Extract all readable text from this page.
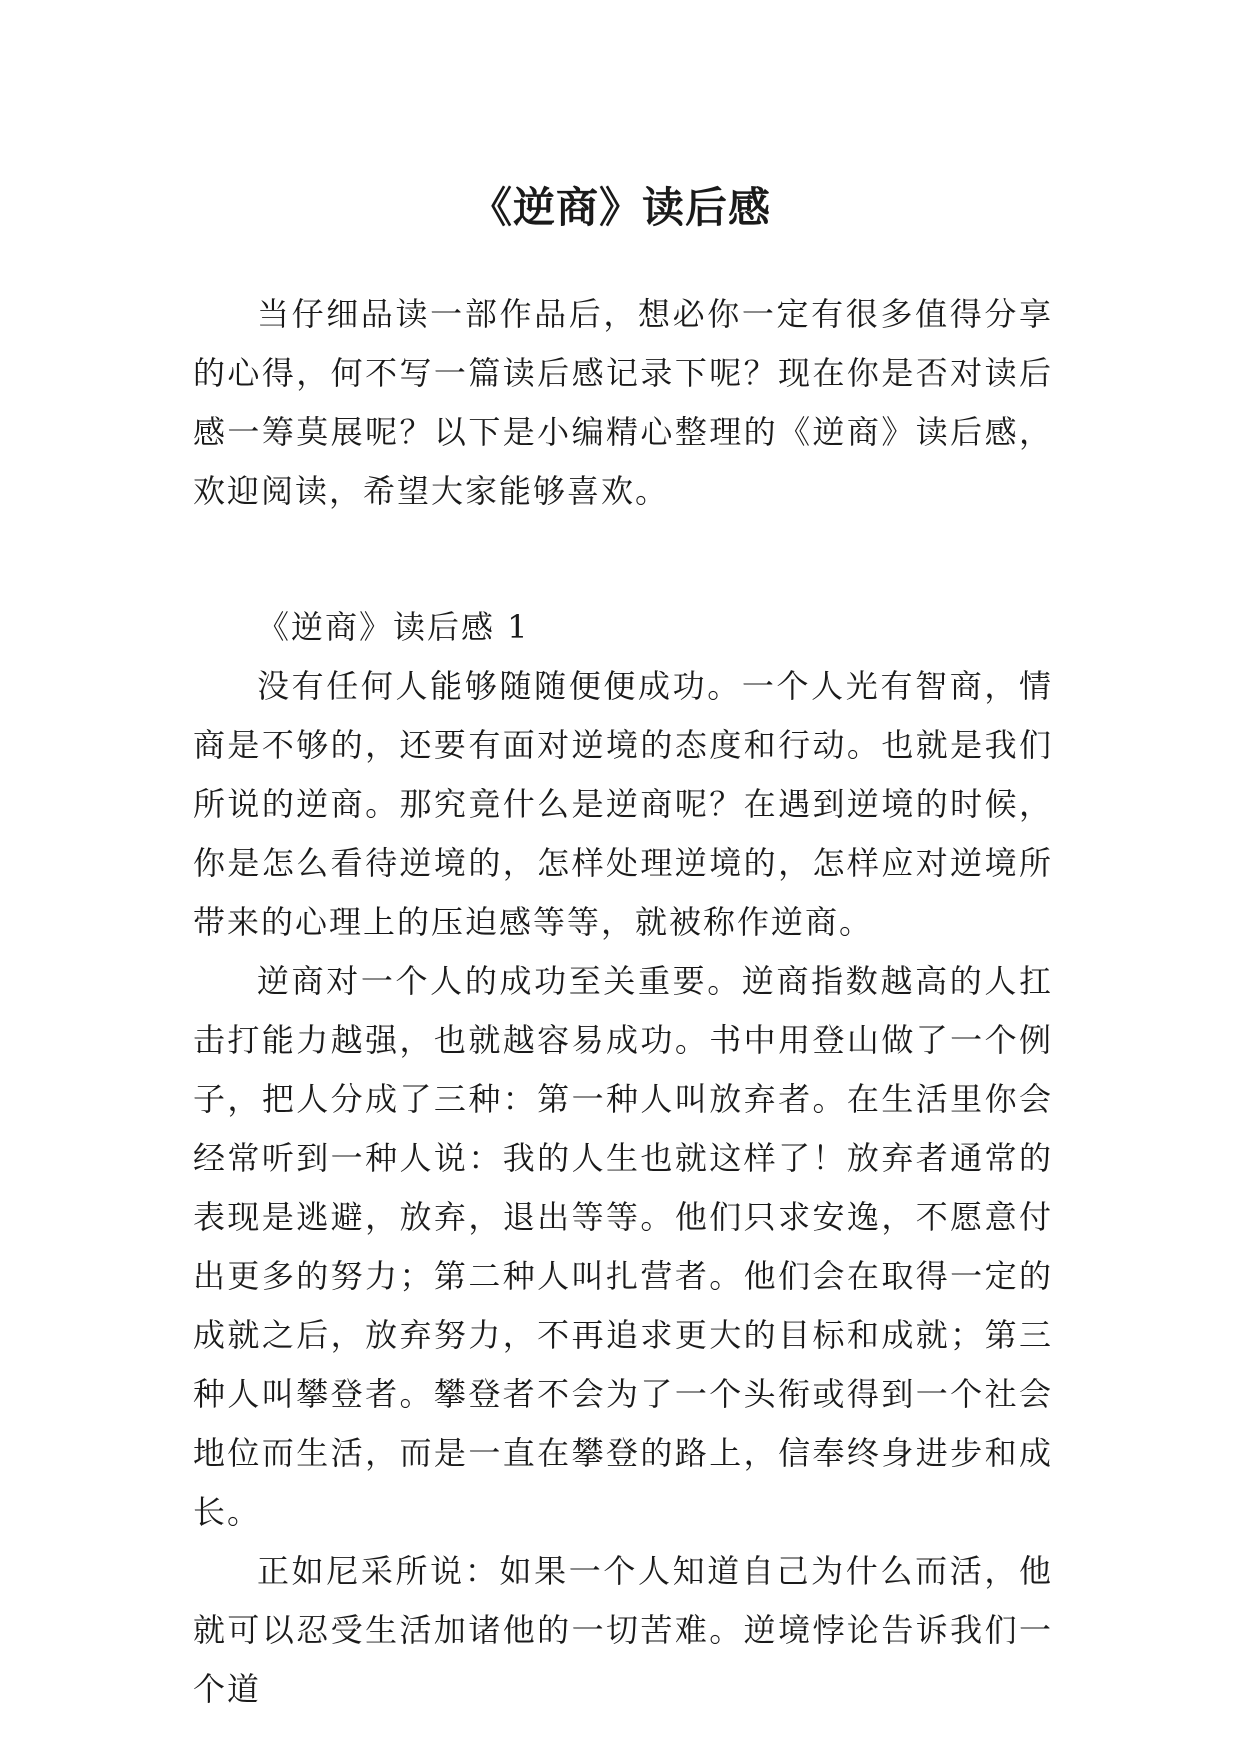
《逆商》读后感

当仔细品读一部作品后，想必你一定有很多值得分享的心得，何不写一篇读后感记录下呢？现在你是否对读后感一筹莫展呢？以下是小编精心整理的《逆商》读后感，欢迎阅读，希望大家能够喜欢。

《逆商》读后感 1

没有任何人能够随随便便成功。一个人光有智商，情商是不够的，还要有面对逆境的态度和行动。也就是我们所说的逆商。那究竟什么是逆商呢？在遇到逆境的时候，你是怎么看待逆境的，怎样处理逆境的，怎样应对逆境所带来的心理上的压迫感等等，就被称作逆商。

逆商对一个人的成功至关重要。逆商指数越高的人扛击打能力越强，也就越容易成功。书中用登山做了一个例子，把人分成了三种：第一种人叫放弃者。在生活里你会经常听到一种人说：我的人生也就这样了！放弃者通常的表现是逃避，放弃，退出等等。他们只求安逸，不愿意付出更多的努力；第二种人叫扎营者。他们会在取得一定的成就之后，放弃努力，不再追求更大的目标和成就；第三种人叫攀登者。攀登者不会为了一个头衔或得到一个社会地位而生活，而是一直在攀登的路上，信奉终身进步和成长。

正如尼采所说：如果一个人知道自己为什么而活，他就可以忍受生活加诸他的一切苦难。逆境悖论告诉我们一个道
